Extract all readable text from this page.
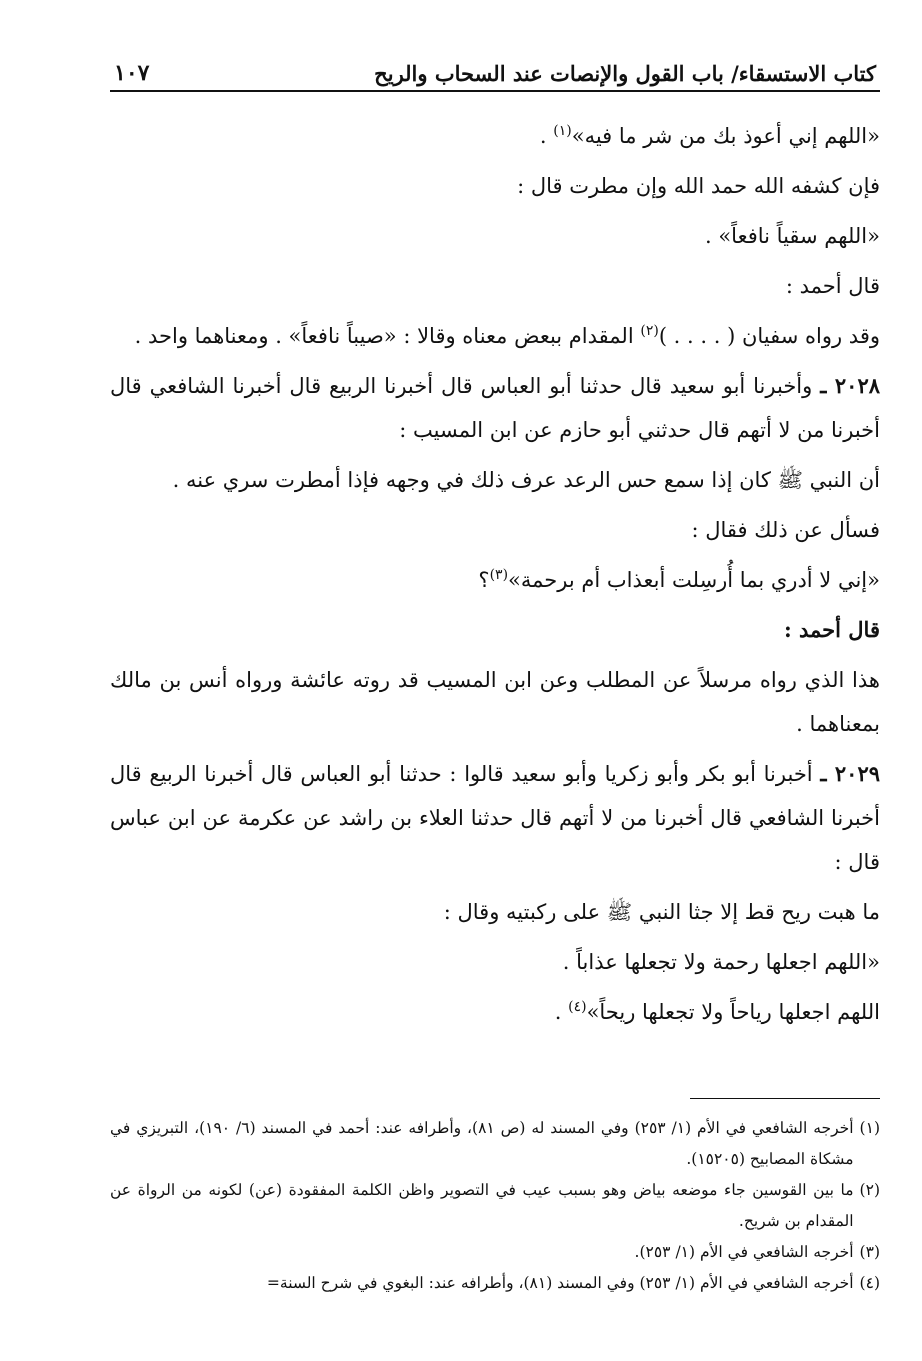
كتاب الاستسقاء/ باب القول والإنصات عند السحاب والريح
١٠٧

«اللهم إني أعوذ بك من شر ما فيه»$^{(١)}$ .

فإن كشفه الله حمد الله وإن مطرت قال :

«اللهم سقياً نافعاً» .

قال أحمد :

وقد رواه سفيان ( . . . . )$^{(٢)}$ المقدام ببعض معناه وقالا : «صيباً نافعاً» . ومعناهما واحد .

٢٠٢٨ ـ وأخبرنا أبو سعيد قال حدثنا أبو العباس قال أخبرنا الربيع قال أخبرنا الشافعي قال أخبرنا من لا أتهم قال حدثني أبو حازم عن ابن المسيب :

أن النبي ﷺ كان إذا سمع حس الرعد عرف ذلك في وجهه فإذا أمطرت سري عنه .

فسأل عن ذلك فقال :

«إني لا أدري بما أُرسِلت أبعذاب أم برحمة»$^{(٣)}$؟

قال أحمد :

هذا الذي رواه مرسلاً عن المطلب وعن ابن المسيب قد روته عائشة ورواه أنس بن مالك بمعناهما .

٢٠٢٩ ـ أخبرنا أبو بكر وأبو زكريا وأبو سعيد قالوا : حدثنا أبو العباس قال أخبرنا الربيع قال أخبرنا الشافعي قال أخبرنا من لا أتهم قال حدثنا العلاء بن راشد عن عكرمة عن ابن عباس قال :

ما هبت ريح قط إلا جثا النبي ﷺ على ركبتيه وقال :

«اللهم اجعلها رحمة ولا تجعلها عذاباً .

اللهم اجعلها رياحاً ولا تجعلها ريحاً»$^{(٤)}$ .

(١)
أخرجه الشافعي في الأم (١/ ٢٥٣) وفي المسند له (ص ٨١)، وأطرافه عند: أحمد في المسند (٦/ ١٩٠)، التبريزي في مشكاة المصابيح (١٥٢٠٥).

(٢)
ما بين القوسين جاء موضعه بياض وهو بسبب عيب في التصوير واظن الكلمة المفقودة (عن) لكونه من الرواة عن المقدام بن شريح.

(٣)
أخرجه الشافعي في الأم (١/ ٢٥٣).

(٤)
أخرجه الشافعي في الأم (١/ ٢٥٣) وفي المسند (٨١)، وأطرافه عند: البغوي في شرح السنة=
